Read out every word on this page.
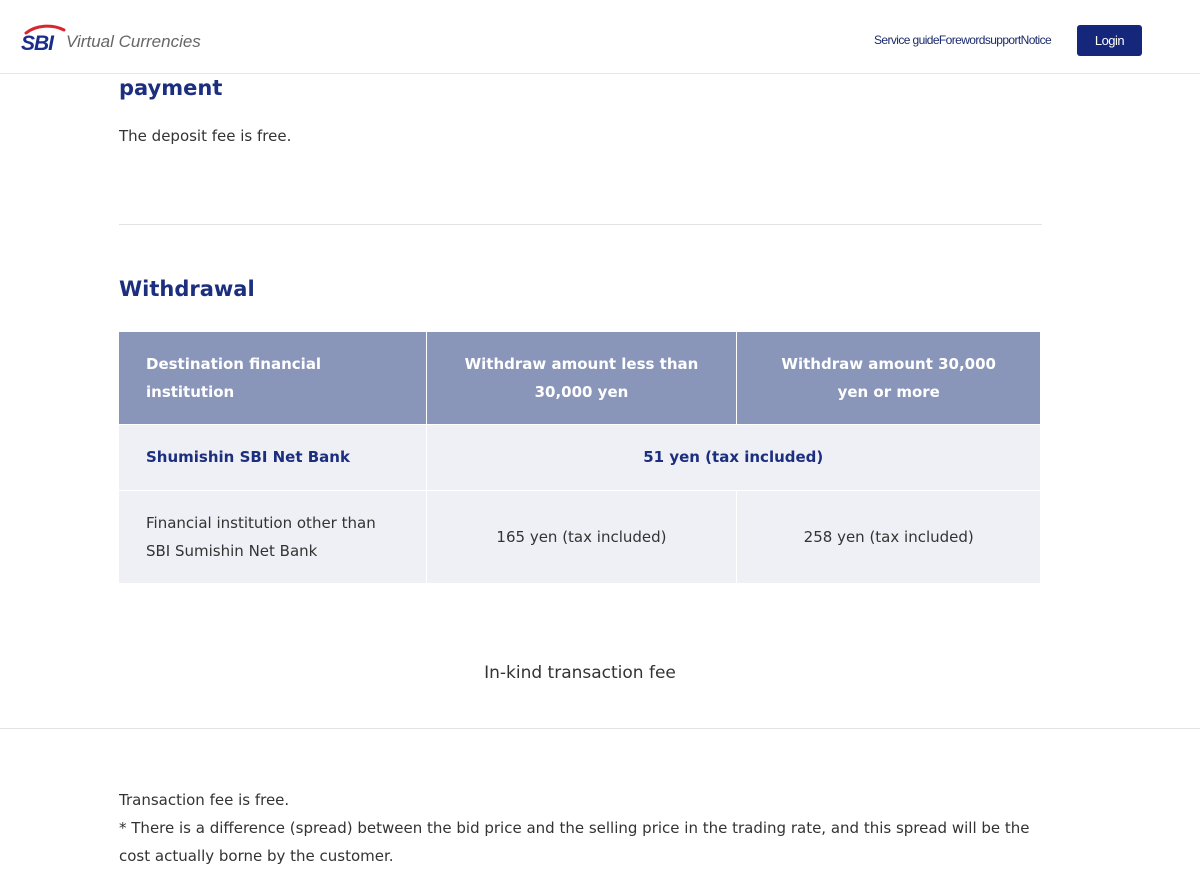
SBI Virtual Currencies	Service guide Foreword support Notice	Login
payment

The deposit fee is free.

Withdrawal
Destination financial institution	Withdraw amount less than 30,000 yen	Withdraw amount 30,000 yen or more
Shumishin SBI Net Bank	51 yen (tax included)	
Financial institution other than SBI Sumishin Net Bank	165 yen (tax included)	258 yen (tax included)

In-kind transaction fee

Transaction fee is free.

* There is a difference (spread) between the bid price and the selling price in the trading rate, and this spread will be the cost actually borne by the customer.
